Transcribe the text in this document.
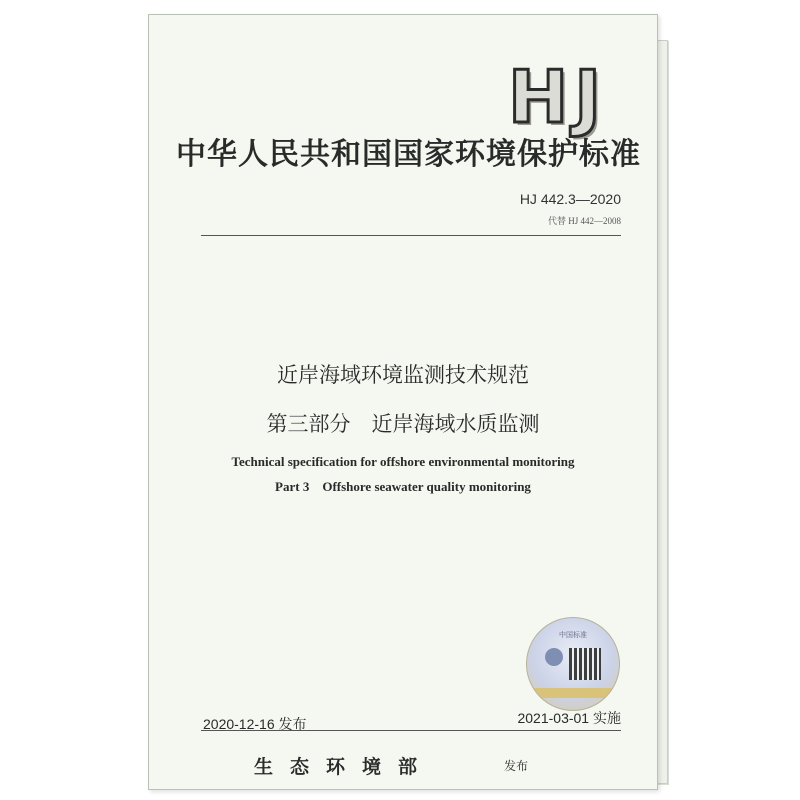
HJ
中华人民共和国国家环境保护标准
HJ 442.3—2020
代替 HJ 442—2008
近岸海域环境监测技术规范
第三部分　近岸海域水质监测
Technical specification for offshore environmental monitoring
Part 3　Offshore seawater quality monitoring
中国标准
2020-12-16 发布	2021-03-01 实施
生态环境部	发布
